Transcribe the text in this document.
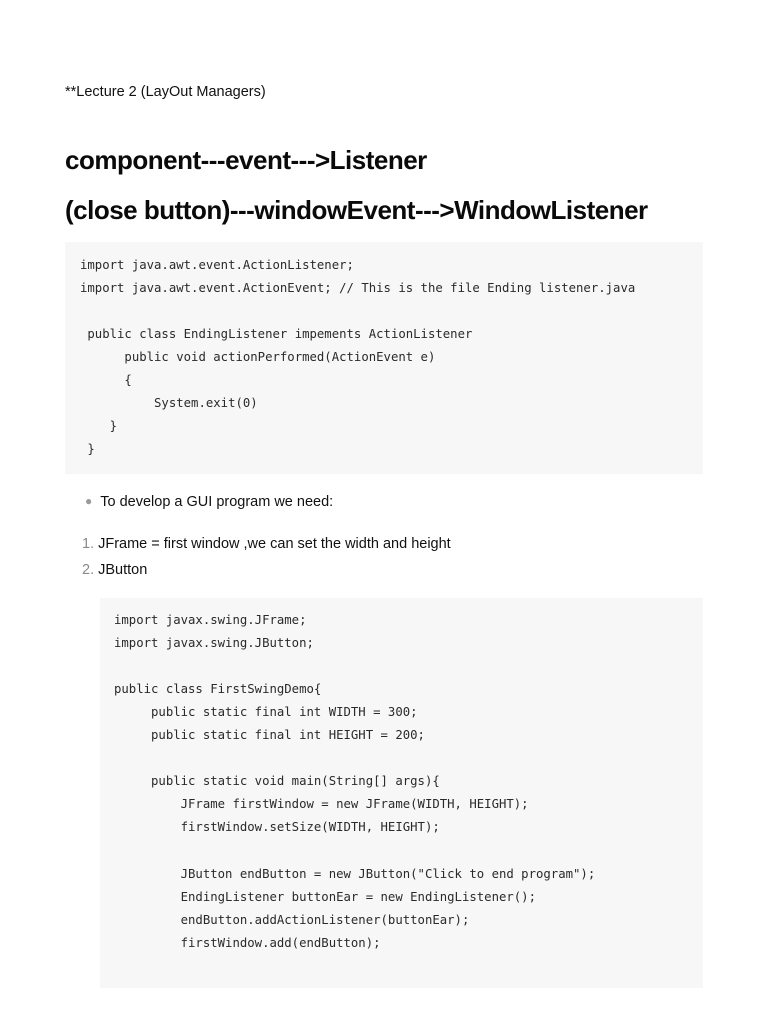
**Lecture 2 (LayOut Managers)
component---event--->Listener
(close button)---windowEvent--->WindowListener
import java.awt.event.ActionListener;
import java.awt.event.ActionEvent; // This is the file Ending listener.java
public class EndingListener impements ActionListener
public void actionPerformed(ActionEvent e)
{
System.exit(0)
}
}
● To develop a GUI program we need:
1. JFrame = first window ,we can set the width and height
2. JButton
import javax.swing.JFrame;
import javax.swing.JButton;
public class FirstSwingDemo{
public static final int WIDTH = 300;
public static final int HEIGHT = 200;
public static void main(String[] args){
JFrame firstWindow = new JFrame(WIDTH, HEIGHT);
firstWindow.setSize(WIDTH, HEIGHT);
JButton endButton = new JButton("Click to end program");
EndingListener buttonEar = new EndingListener();
endButton.addActionListener(buttonEar);
firstWindow.add(endButton);
